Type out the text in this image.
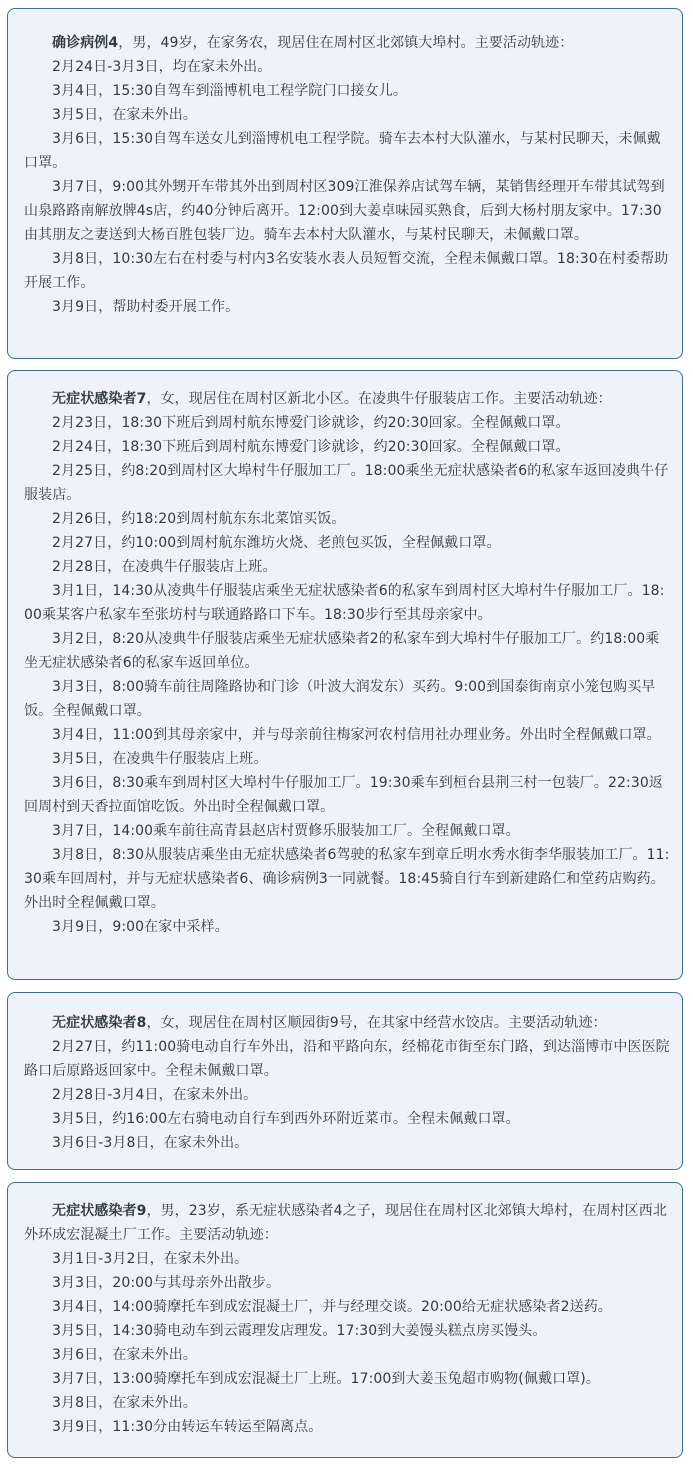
确诊病例4，男，49岁，在家务农，现居住在周村区北郊镇大埠村。主要活动轨迹：

2月24日-3月3日，均在家未外出。

3月4日，15:30自驾车到淄博机电工程学院门口接女儿。

3月5日，在家未外出。

3月6日，15:30自驾车送女儿到淄博机电工程学院。骑车去本村大队灌水，与某村民聊天，未佩戴口罩。

3月7日，9:00其外甥开车带其外出到周村区309江淮保养店试驾车辆，某销售经理开车带其试驾到山泉路路南解放牌4s店，约40分钟后离开。12:00到大姜卓味园买熟食，后到大杨村朋友家中。17:30由其朋友之妻送到大杨百胜包装厂边。骑车去本村大队灌水，与某村民聊天，未佩戴口罩。

3月8日，10:30左右在村委与村内3名安装水表人员短暂交流，全程未佩戴口罩。18:30在村委帮助开展工作。

3月9日，帮助村委开展工作。

无症状感染者7，女，现居住在周村区新北小区。在凌典牛仔服装店工作。主要活动轨迹：

2月23日，18:30下班后到周村航东博爱门诊就诊，约20:30回家。全程佩戴口罩。

2月24日，18:30下班后到周村航东博爱门诊就诊，约20:30回家。全程佩戴口罩。

2月25日，约8:20到周村区大埠村牛仔服加工厂。18:00乘坐无症状感染者6的私家车返回凌典牛仔服装店。

2月26日，约18:20到周村航东东北菜馆买饭。

2月27日，约10:00到周村航东潍坊火烧、老煎包买饭，全程佩戴口罩。

2月28日，在凌典牛仔服装店上班。

3月1日，14:30从凌典牛仔服装店乘坐无症状感染者6的私家车到周村区大埠村牛仔服加工厂。18:00乘某客户私家车至张坊村与联通路路口下车。18:30步行至其母亲家中。

3月2日，8:20从凌典牛仔服装店乘坐无症状感染者2的私家车到大埠村牛仔服加工厂。约18:00乘坐无症状感染者6的私家车返回单位。

3月3日，8:00骑车前往周隆路协和门诊（叶波大润发东）买药。9:00到国泰街南京小笼包购买早饭。全程佩戴口罩。

3月4日，11:00到其母亲家中，并与母亲前往梅家河农村信用社办理业务。外出时全程佩戴口罩。

3月5日，在凌典牛仔服装店上班。

3月6日，8:30乘车到周村区大埠村牛仔服加工厂。19:30乘车到桓台县荆三村一包装厂。22:30返回周村到天香拉面馆吃饭。外出时全程佩戴口罩。

3月7日，14:00乘车前往高青县赵店村贾修乐服装加工厂。全程佩戴口罩。

3月8日，8:30从服装店乘坐由无症状感染者6驾驶的私家车到章丘明水秀水街李华服装加工厂。11:30乘车回周村，并与无症状感染者6、确诊病例3一同就餐。18:45骑自行车到新建路仁和堂药店购药。外出时全程佩戴口罩。

3月9日，9:00在家中采样。

无症状感染者8，女，现居住在周村区顺园街9号，在其家中经营水饺店。主要活动轨迹：

2月27日，约11:00骑电动自行车外出，沿和平路向东，经棉花市街至东门路，到达淄博市中医医院路口后原路返回家中。全程未佩戴口罩。

2月28日-3月4日，在家未外出。

3月5日，约16:00左右骑电动自行车到西外环附近菜市。全程未佩戴口罩。

3月6日-3月8日，在家未外出。

无症状感染者9，男，23岁，系无症状感染者4之子，现居住在周村区北郊镇大埠村，在周村区西北外环成宏混凝土厂工作。主要活动轨迹：

3月1日-3月2日，在家未外出。

3月3日，20:00与其母亲外出散步。

3月4日，14:00骑摩托车到成宏混凝土厂，并与经理交谈。20:00给无症状感染者2送药。

3月5日，14:30骑电动车到云霞理发店理发。17:30到大姜馒头糕点房买馒头。

3月6日，在家未外出。

3月7日，13:00骑摩托车到成宏混凝土厂上班。17:00到大姜玉兔超市购物(佩戴口罩)。

3月8日，在家未外出。

3月9日，11:30分由转运车转运至隔离点。
